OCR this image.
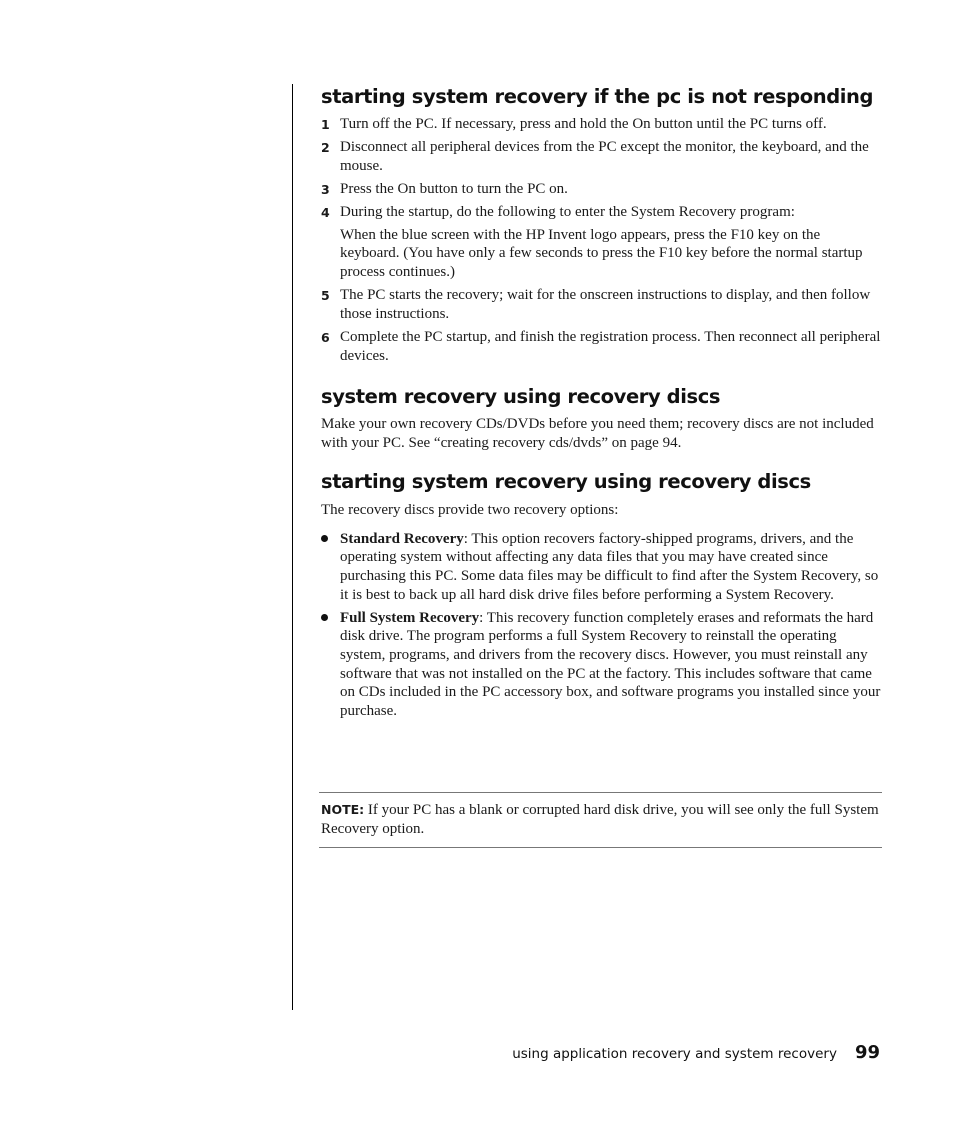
starting system recovery if the pc is not responding
1 Turn off the PC. If necessary, press and hold the On button until the PC turns off.
2 Disconnect all peripheral devices from the PC except the monitor, the keyboard, and the mouse.
3 Press the On button to turn the PC on.
4 During the startup, do the following to enter the System Recovery program:
When the blue screen with the HP Invent logo appears, press the F10 key on the keyboard. (You have only a few seconds to press the F10 key before the normal startup process continues.)
5 The PC starts the recovery; wait for the onscreen instructions to display, and then follow those instructions.
6 Complete the PC startup, and finish the registration process. Then reconnect all peripheral devices.
system recovery using recovery discs

Make your own recovery CDs/DVDs before you need them; recovery discs are not included with your PC. See “creating recovery cds/dvds” on page 94.

starting system recovery using recovery discs

The recovery discs provide two recovery options:

Standard Recovery: This option recovers factory-shipped programs, drivers, and the operating system without affecting any data files that you may have created since purchasing this PC. Some data files may be difficult to find after the System Recovery, so it is best to back up all hard disk drive files before performing a System Recovery.
Full System Recovery: This recovery function completely erases and reformats the hard disk drive. The program performs a full System Recovery to reinstall the operating system, programs, and drivers from the recovery discs. However, you must reinstall any software that was not installed on the PC at the factory. This includes software that came on CDs included in the PC accessory box, and software programs you installed since your purchase.

NOTE: If your PC has a blank or corrupted hard disk drive, you will see only the full System Recovery option.

using application recovery and system recovery 99
